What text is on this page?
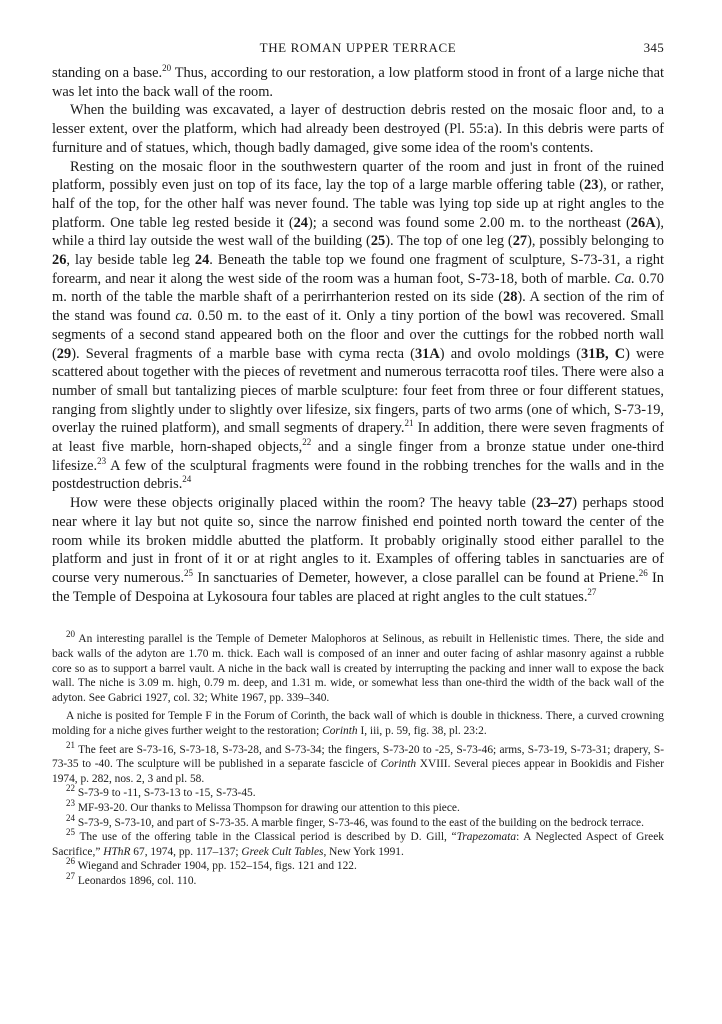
THE ROMAN UPPER TERRACE	345

standing on a base.$^{20}$ Thus, according to our restoration, a low platform stood in front of a large niche that was let into the back wall of the room.

When the building was excavated, a layer of destruction debris rested on the mosaic floor and, to a lesser extent, over the platform, which had already been destroyed (Pl. 55:a). In this debris were parts of furniture and of statues, which, though badly damaged, give some idea of the room's contents.

Resting on the mosaic floor in the southwestern quarter of the room and just in front of the ruined platform, possibly even just on top of its face, lay the top of a large marble offering table (23), or rather, half of the top, for the other half was never found. The table was lying top side up at right angles to the platform. One table leg rested beside it (24); a second was found some 2.00 m. to the northeast (26A), while a third lay outside the west wall of the building (25). The top of one leg (27), possibly belonging to 26, lay beside table leg 24. Beneath the table top we found one fragment of sculpture, S-73-31, a right forearm, and near it along the west side of the room was a human foot, S-73-18, both of marble. Ca. 0.70 m. north of the table the marble shaft of a perirrhanterion rested on its side (28). A section of the rim of the stand was found ca. 0.50 m. to the east of it. Only a tiny portion of the bowl was recovered. Small segments of a second stand appeared both on the floor and over the cuttings for the robbed north wall (29). Several fragments of a marble base with cyma recta (31A) and ovolo moldings (31B, C) were scattered about together with the pieces of revetment and numerous terracotta roof tiles. There were also a number of small but tantalizing pieces of marble sculpture: four feet from three or four different statues, ranging from slightly under to slightly over lifesize, six fingers, parts of two arms (one of which, S-73-19, overlay the ruined platform), and small segments of drapery.$^{21}$ In addition, there were seven fragments of at least five marble, horn-shaped objects,$^{22}$ and a single finger from a bronze statue under one-third lifesize.$^{23}$ A few of the sculptural fragments were found in the robbing trenches for the walls and in the postdestruction debris.$^{24}$

How were these objects originally placed within the room? The heavy table (23–27) perhaps stood near where it lay but not quite so, since the narrow finished end pointed north toward the center of the room while its broken middle abutted the platform. It probably originally stood either parallel to the platform and just in front of it or at right angles to it. Examples of offering tables in sanctuaries are of course very numerous.$^{25}$ In sanctuaries of Demeter, however, a close parallel can be found at Priene.$^{26}$ In the Temple of Despoina at Lykosoura four tables are placed at right angles to the cult statues.$^{27}$

$^{20}$ An interesting parallel is the Temple of Demeter Malophoros at Selinous, as rebuilt in Hellenistic times. There, the side and back walls of the adyton are 1.70 m. thick. Each wall is composed of an inner and outer facing of ashlar masonry against a rubble core so as to support a barrel vault. A niche in the back wall is created by interrupting the packing and inner wall to expose the back wall. The niche is 3.09 m. high, 0.79 m. deep, and 1.31 m. wide, or somewhat less than one-third the width of the back wall of the adyton. See Gabrici 1927, col. 32; White 1967, pp. 339–340.

A niche is posited for Temple F in the Forum of Corinth, the back wall of which is double in thickness. There, a curved crowning molding for a niche gives further weight to the restoration; Corinth I, iii, p. 59, fig. 38, pl. 23:2.

$^{21}$ The feet are S-73-16, S-73-18, S-73-28, and S-73-34; the fingers, S-73-20 to -25, S-73-46; arms, S-73-19, S-73-31; drapery, S-73-35 to -40. The sculpture will be published in a separate fascicle of Corinth XVIII. Several pieces appear in Bookidis and Fisher 1974, p. 282, nos. 2, 3 and pl. 58.

$^{22}$ S-73-9 to -11, S-73-13 to -15, S-73-45.

$^{23}$ MF-93-20. Our thanks to Melissa Thompson for drawing our attention to this piece.

$^{24}$ S-73-9, S-73-10, and part of S-73-35. A marble finger, S-73-46, was found to the east of the building on the bedrock terrace.

$^{25}$ The use of the offering table in the Classical period is described by D. Gill, “Trapezomata: A Neglected Aspect of Greek Sacrifice,” HThR 67, 1974, pp. 117–137; Greek Cult Tables, New York 1991.

$^{26}$ Wiegand and Schrader 1904, pp. 152–154, figs. 121 and 122.

$^{27}$ Leonardos 1896, col. 110.
